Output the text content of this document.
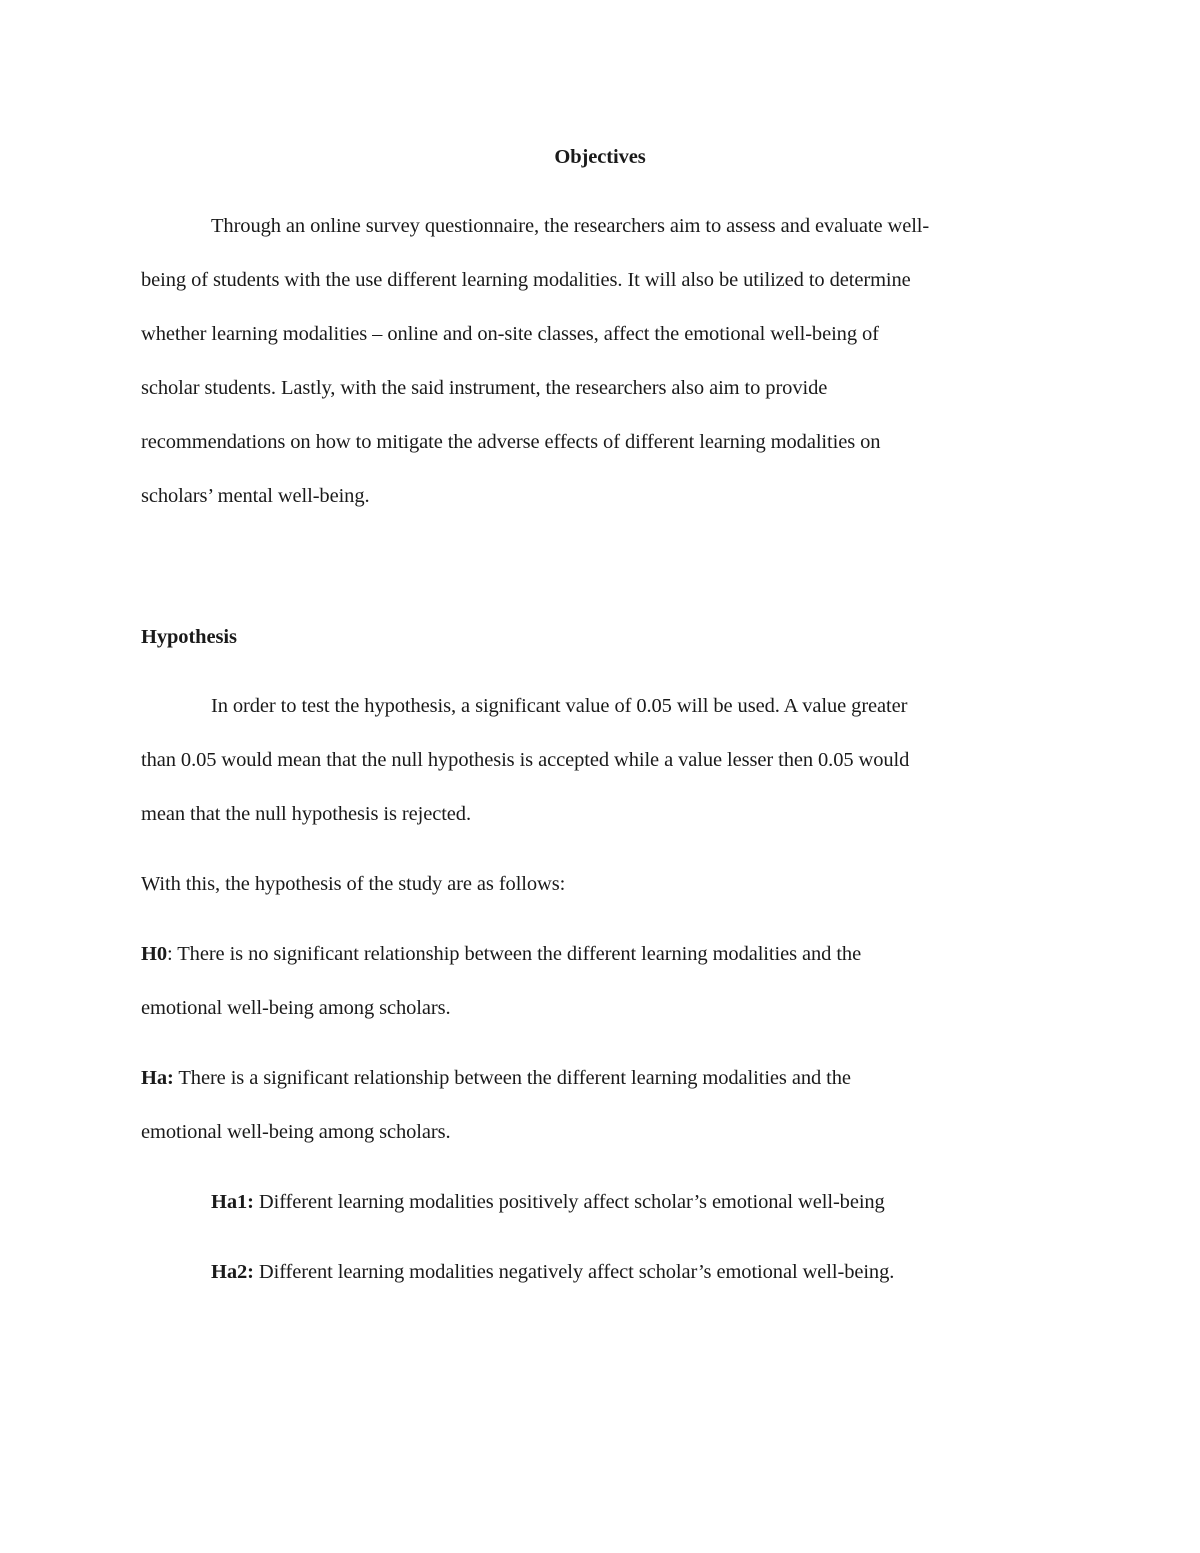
Objectives
Through an online survey questionnaire, the researchers aim to assess and evaluate well-
being of students with the use different learning modalities. It will also be utilized to determine
whether learning modalities – online and on-site classes, affect the emotional well-being of
scholar students. Lastly, with the said instrument, the researchers also aim to provide
recommendations on how to mitigate the adverse effects of different learning modalities on
scholars’ mental well-being.
Hypothesis
In order to test the hypothesis, a significant value of 0.05 will be used. A value greater
than 0.05 would mean that the null hypothesis is accepted while a value lesser then 0.05 would
mean that the null hypothesis is rejected.
With this, the hypothesis of the study are as follows:
H0: There is no significant relationship between the different learning modalities and the
emotional well-being among scholars.
Ha: There is a significant relationship between the different learning modalities and the
emotional well-being among scholars.
Ha1: Different learning modalities positively affect scholar’s emotional well-being
Ha2: Different learning modalities negatively affect scholar’s emotional well-being.
